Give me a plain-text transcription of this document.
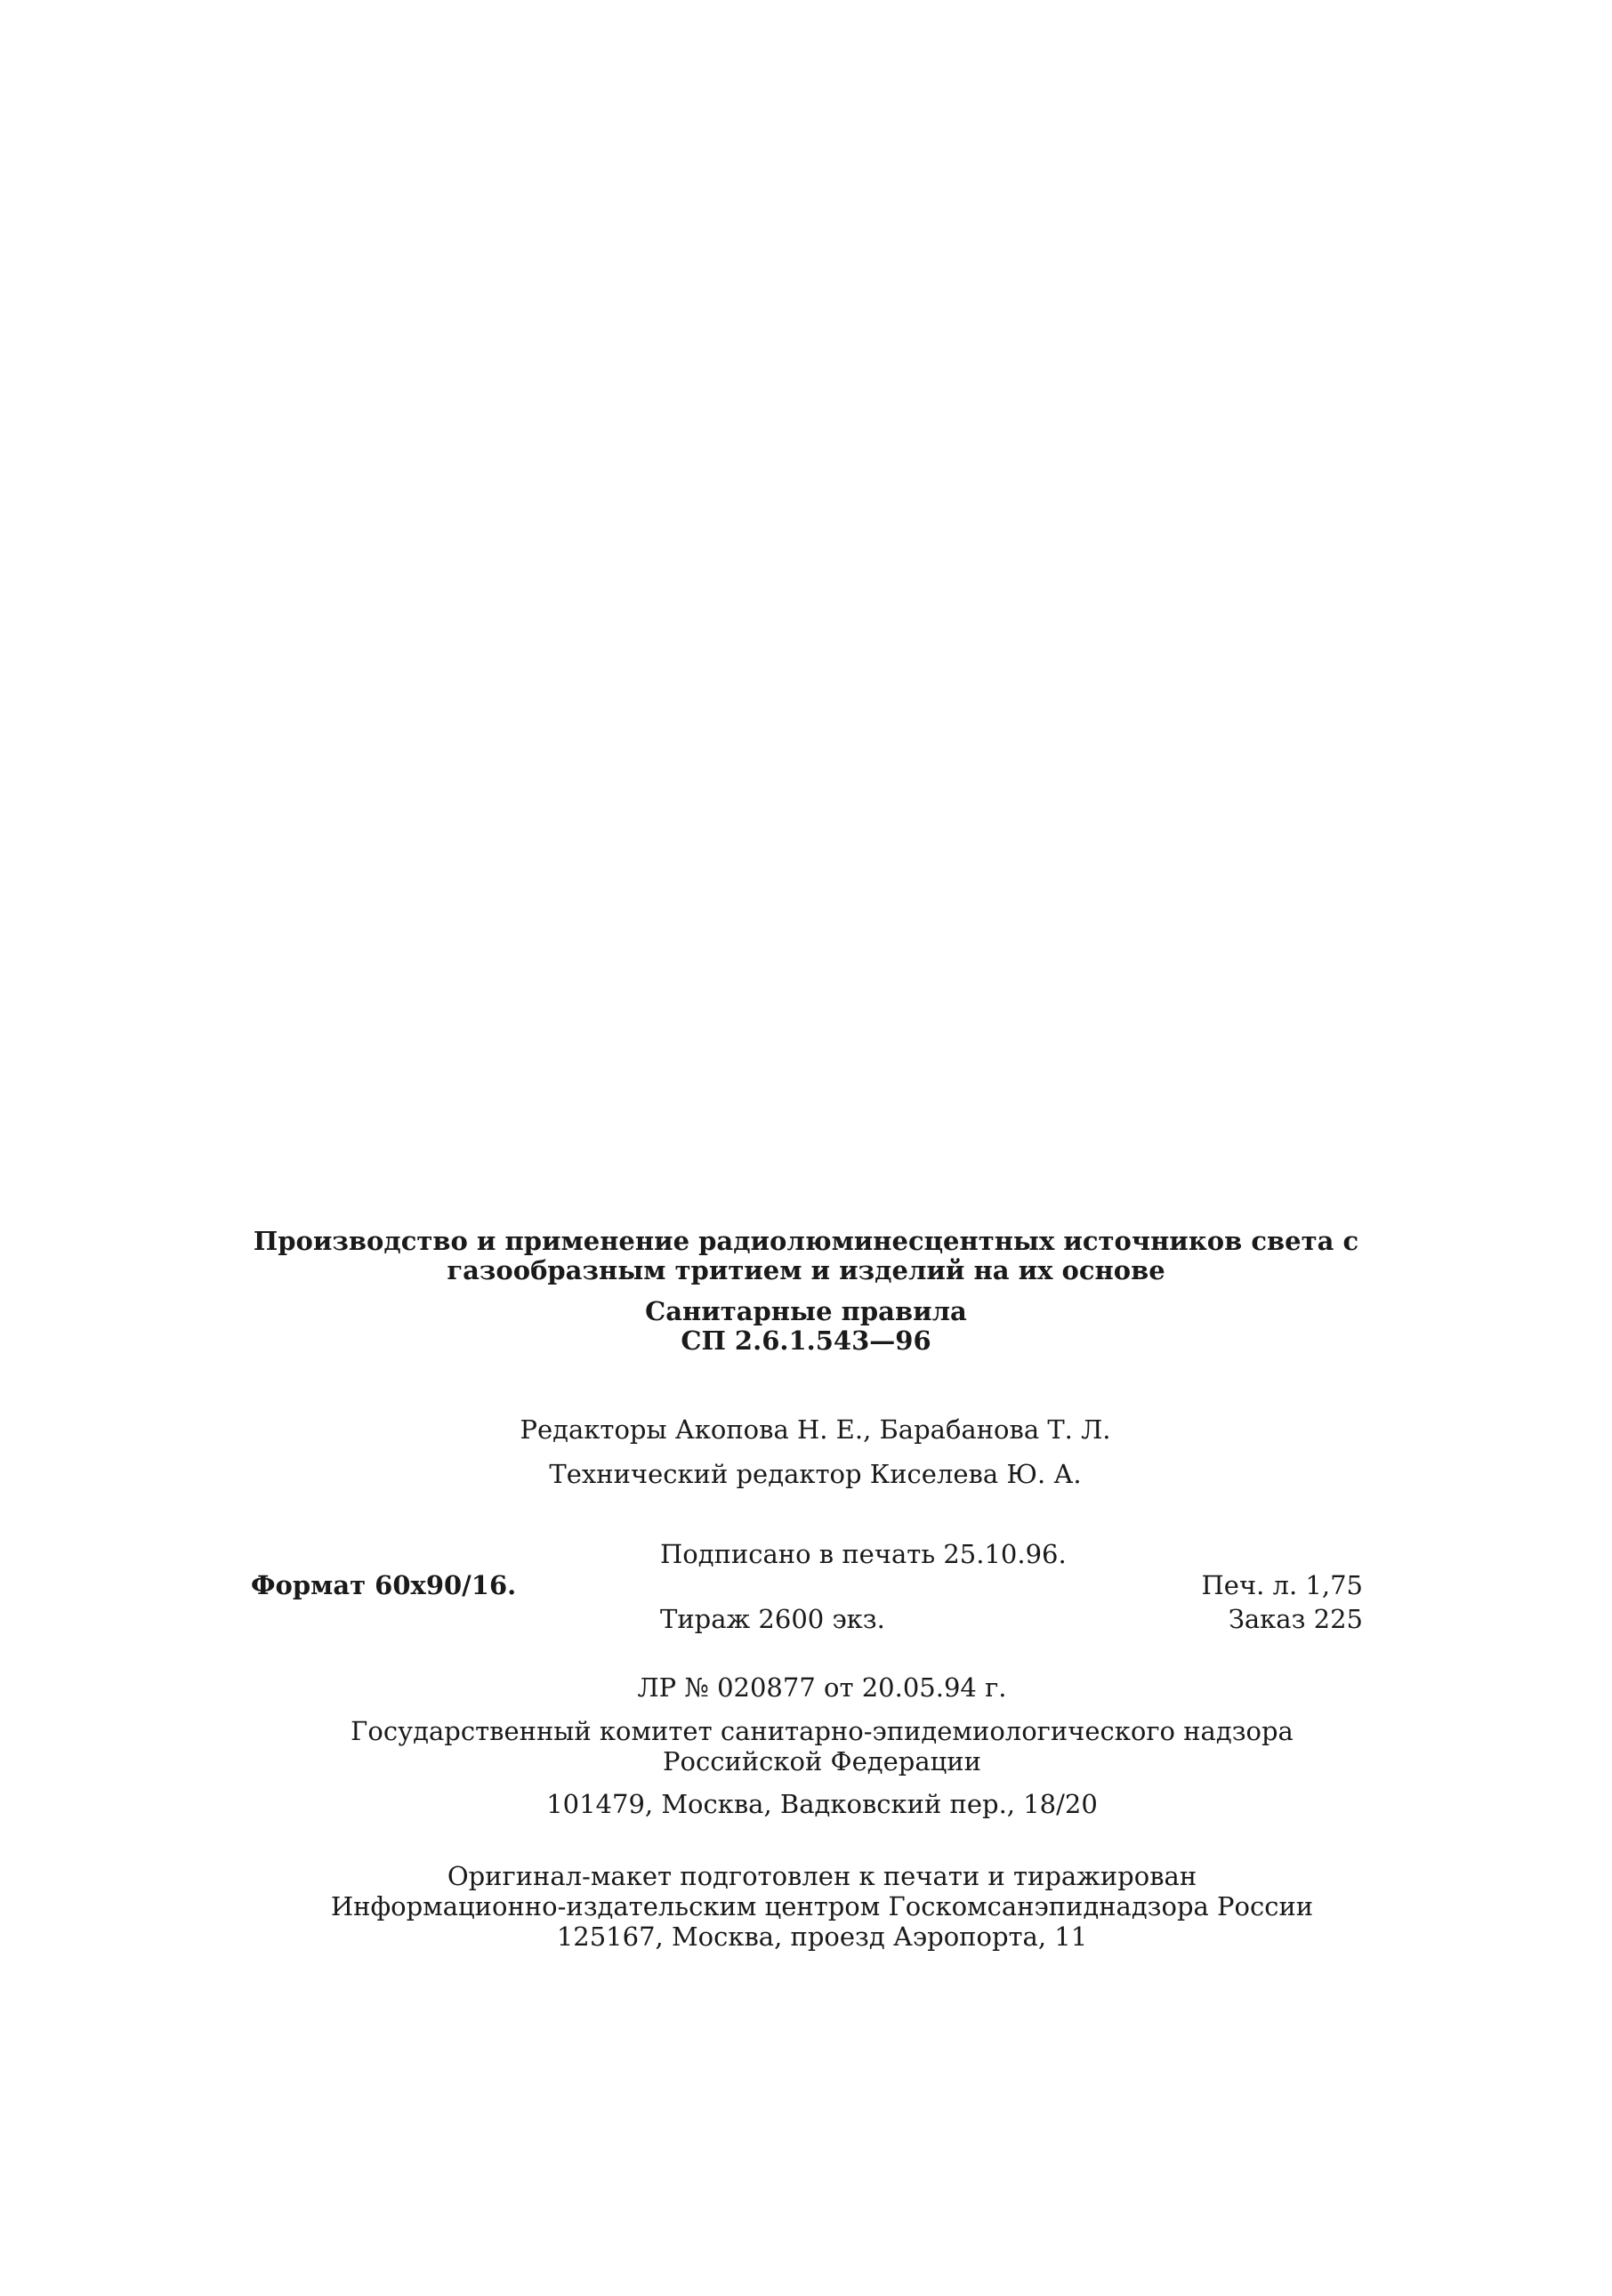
Производство и применение радиолюминесцентных источников света с
газообразным тритием и изделий на их основе
Санитарные правила
СП 2.6.1.543—96
Редакторы Акопова Н. Е., Барабанова Т. Л.
Технический редактор Киселева Ю. А.
Подписано в печать 25.10.96.
Формат 60х90/16.	Печ. л. 1,75
Тираж 2600 экз.	Заказ 225
ЛР № 020877 от 20.05.94 г.
Государственный комитет санитарно-эпидемиологического надзора
Российской Федерации
101479, Москва, Вадковский пер., 18/20
Оригинал-макет подготовлен к печати и тиражирован
Информационно-издательским центром Госкомсанэпиднадзора России
125167, Москва, проезд Аэропорта, 11
